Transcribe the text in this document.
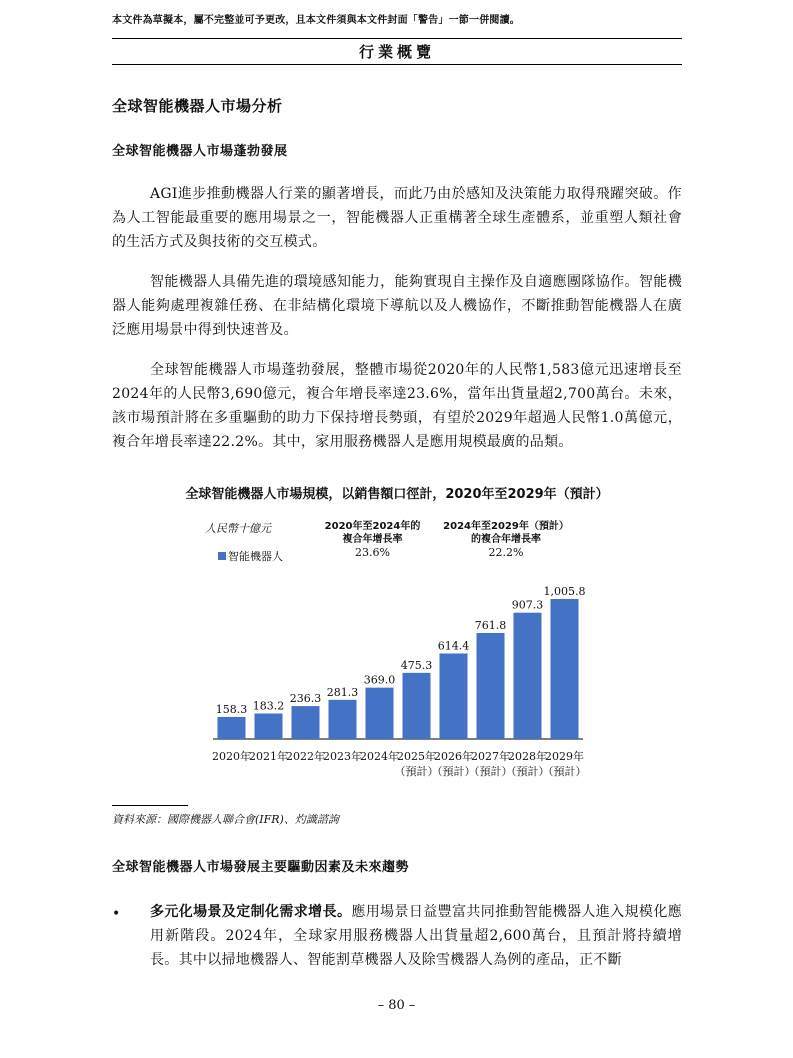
本文件為草擬本，屬不完整並可予更改，且本文件須與本文件封面「警告」一節一併閱讀。
行業概覽
全球智能機器人市場分析
全球智能機器人市場蓬勃發展
AGI進步推動機器人行業的顯著增長，而此乃由於感知及決策能力取得飛躍突破。作為人工智能最重要的應用場景之一，智能機器人正重構著全球生產體系，並重塑人類社會的生活方式及與技術的交互模式。
智能機器人具備先進的環境感知能力，能夠實現自主操作及自適應團隊協作。智能機器人能夠處理複雜任務、在非結構化環境下導航以及人機協作，不斷推動智能機器人在廣泛應用場景中得到快速普及。
全球智能機器人市場蓬勃發展，整體市場從2020年的人民幣1,583億元迅速增長至2024年的人民幣3,690億元，複合年增長率達23.6%，當年出貨量超2,700萬台。未來，該市場預計將在多重驅動的助力下保持增長勢頭，有望於2029年超過人民幣1.0萬億元，複合年增長率達22.2%。其中，家用服務機器人是應用規模最廣的品類。
全球智能機器人市場規模，以銷售額口徑計，2020年至2029年（預計）
人民幣十億元
智能機器人
2020年至2024年的
複合年增長率
23.6%
2024年至2029年（預計）
的複合年增長率
22.2%
158.3
2020年
183.2
2021年
236.3
2022年
281.3
2023年
369.0
2024年
475.3
2025年
（預計）
614.4
2026年
（預計）
761.8
2027年
（預計）
907.3
2028年
（預計）
1,005.8
2029年
（預計）
資料來源：國際機器人聯合會(IFR)、灼識諮詢
全球智能機器人市場發展主要驅動因素及未來趨勢
• 多元化場景及定制化需求增長。應用場景日益豐富共同推動智能機器人進入規模化應用新階段。2024年，全球家用服務機器人出貨量超2,600萬台，且預計將持續增長。其中以掃地機器人、智能割草機器人及除雪機器人為例的產品，正不斷
– 80 –
